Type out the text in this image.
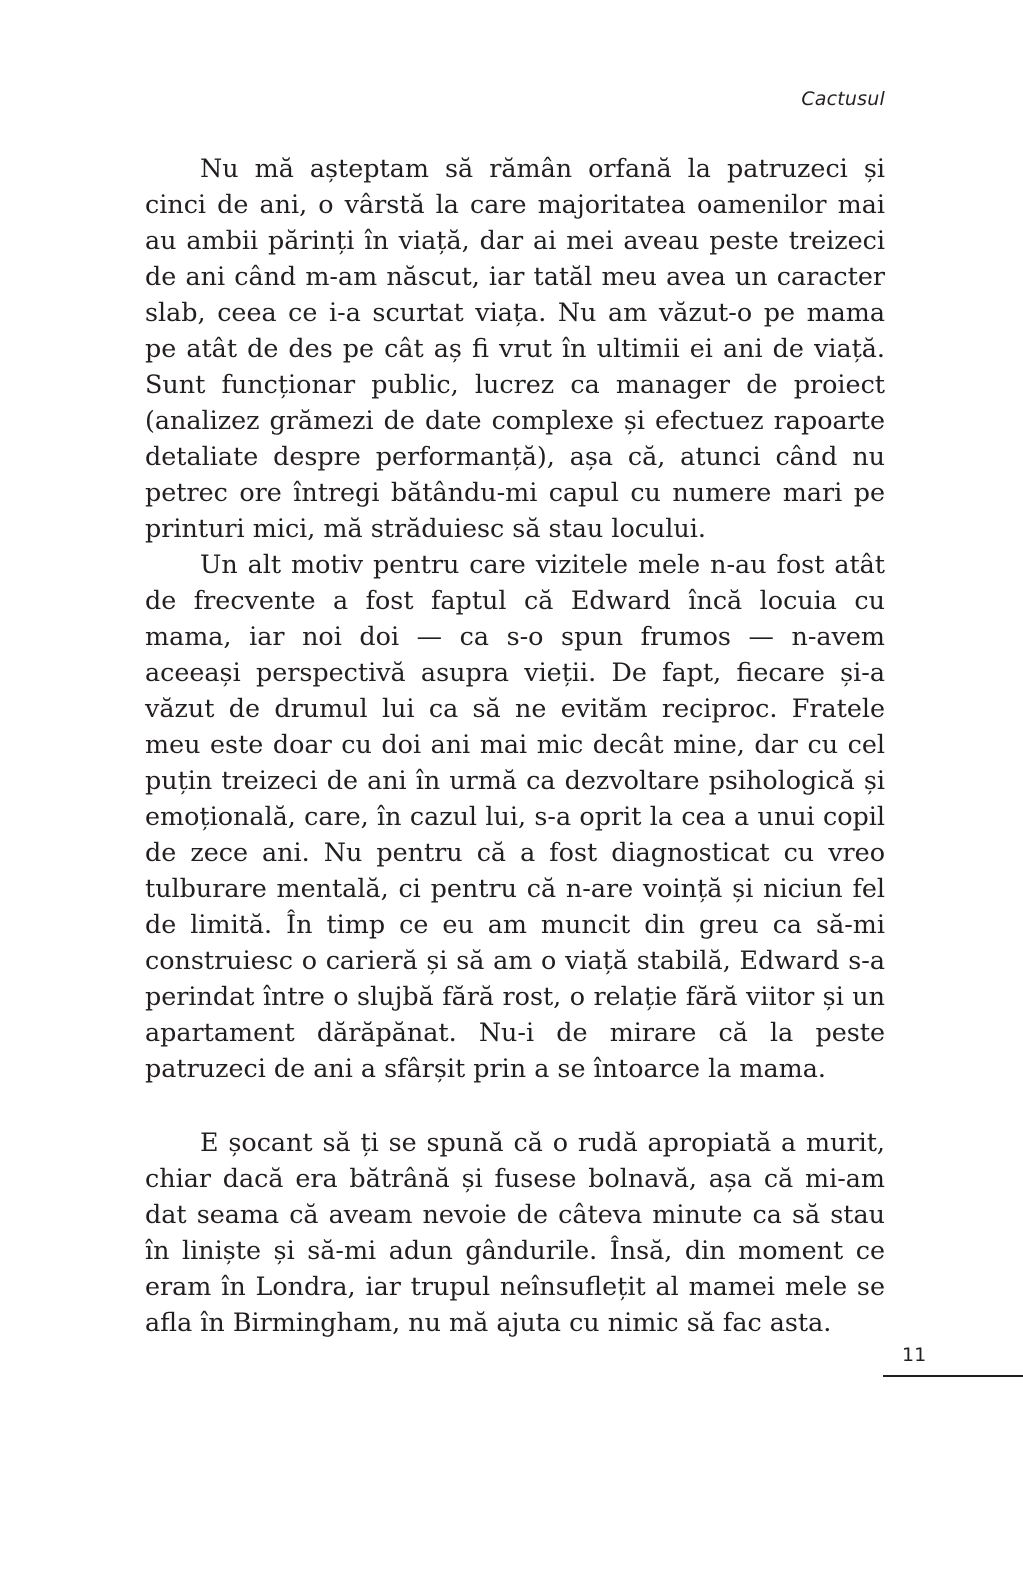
Cactusul

Nu mă așteptam să rămân orfană la patruzeci și cinci de ani, o vârstă la care majoritatea oamenilor mai au ambii părinți în viață, dar ai mei aveau peste treizeci de ani când m-am născut, iar tatăl meu avea un caracter slab, ceea ce i-a scurtat viața. Nu am văzut-o pe mama pe atât de des pe cât aș fi vrut în ultimii ei ani de viață. Sunt funcționar public, lucrez ca manager de proiect (analizez grămezi de date complexe și efectuez rapoarte detaliate despre performanță), așa că, atunci când nu petrec ore întregi bătându-mi capul cu numere mari pe printuri mici, mă străduiesc să stau locului.

Un alt motiv pentru care vizitele mele n-au fost atât de frecvente a fost faptul că Edward încă locuia cu mama, iar noi doi — ca s-o spun frumos — n-avem aceeași perspectivă asupra vieții. De fapt, fiecare și-a văzut de drumul lui ca să ne evităm reciproc. Fratele meu este doar cu doi ani mai mic decât mine, dar cu cel puțin treizeci de ani în urmă ca dezvoltare psihologică și emoțională, care, în cazul lui, s-a oprit la cea a unui copil de zece ani. Nu pentru că a fost diagnosticat cu vreo tulburare mentală, ci pentru că n-are voință și niciun fel de limită. În timp ce eu am muncit din greu ca să-mi construiesc o carieră și să am o viață stabilă, Edward s-a perindat între o slujbă fără rost, o relație fără viitor și un apartament dărăpănat. Nu-i de mirare că la peste patruzeci de ani a sfârșit prin a se întoarce la mama.

E șocant să ți se spună că o rudă apropiată a murit, chiar dacă era bătrână și fusese bolnavă, așa că mi-am dat seama că aveam nevoie de câteva minute ca să stau în liniște și să-mi adun gândurile. Însă, din moment ce eram în Londra, iar trupul neînsuflețit al mamei mele se afla în Birmingham, nu mă ajuta cu nimic să fac asta.

11
